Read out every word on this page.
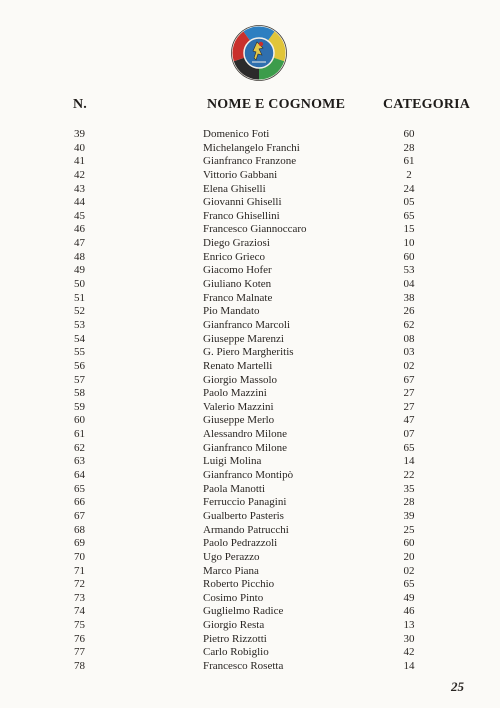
N.	NOME E COGNOME	CATEGORIA
39	Domenico Foti	60
40	Michelangelo Franchi	28
41	Gianfranco Franzone	61
42	Vittorio Gabbani	2
43	Elena Ghiselli	24
44	Giovanni Ghiselli	05
45	Franco Ghisellini	65
46	Francesco Giannoccaro	15
47	Diego Graziosi	10
48	Enrico Grieco	60
49	Giacomo Hofer	53
50	Giuliano Koten	04
51	Franco Malnate	38
52	Pio Mandato	26
53	Gianfranco Marcoli	62
54	Giuseppe Marenzi	08
55	G. Piero Margheritis	03
56	Renato Martelli	02
57	Giorgio Massolo	67
58	Paolo Mazzini	27
59	Valerio Mazzini	27
60	Giuseppe Merlo	47
61	Alessandro Milone	07
62	Gianfranco Milone	65
63	Luigi Molina	14
64	Gianfranco Montipò	22
65	Paola Manotti	35
66	Ferruccio Panagini	28
67	Gualberto Pasteris	39
68	Armando Patrucchi	25
69	Paolo Pedrazzoli	60
70	Ugo Perazzo	20
71	Marco Piana	02
72	Roberto Picchio	65
73	Cosimo Pinto	49
74	Guglielmo Radice	46
75	Giorgio Resta	13
76	Pietro Rizzotti	30
77	Carlo Robiglio	42
78	Francesco Rosetta	14
25
